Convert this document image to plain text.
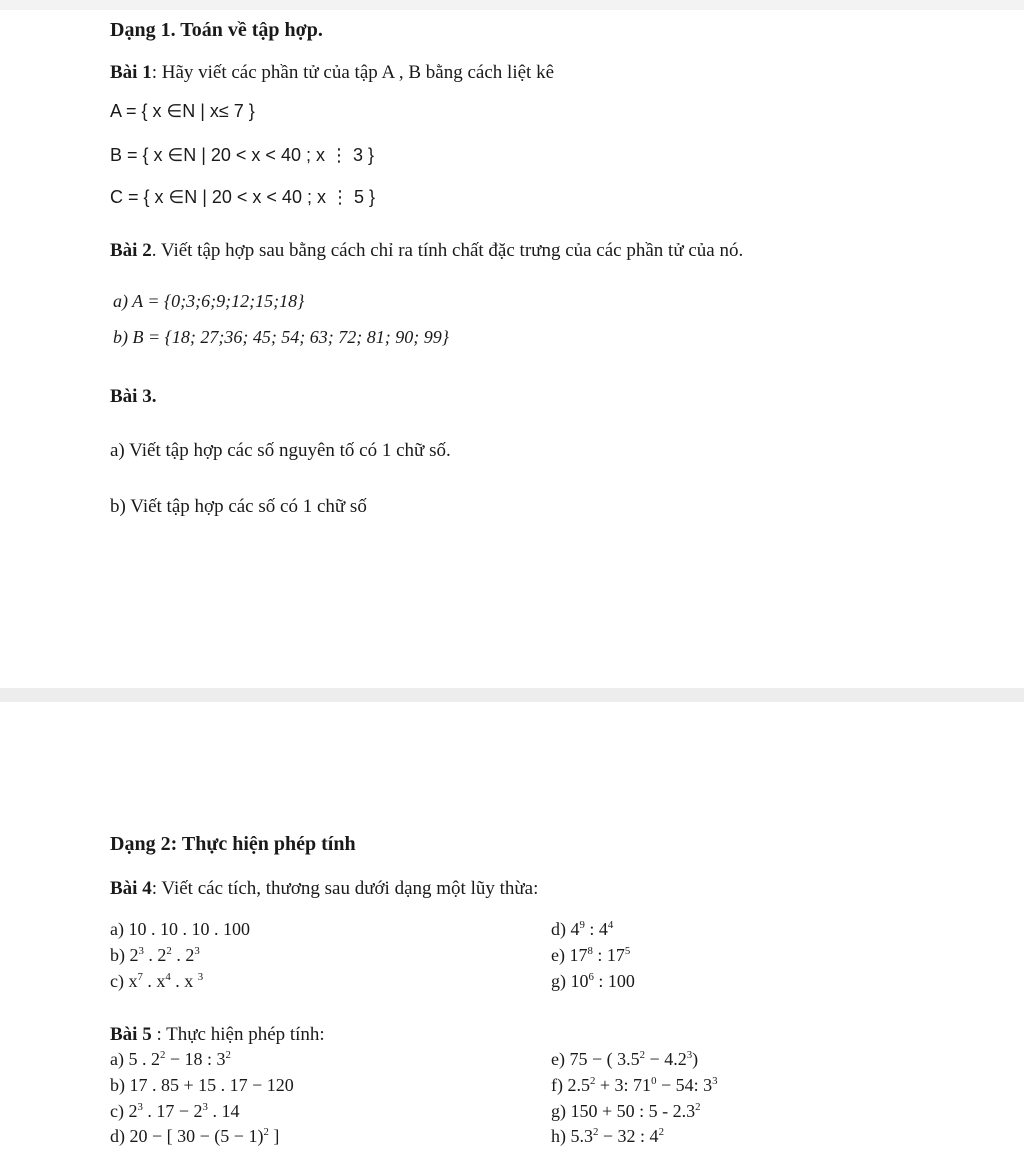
Dạng 1. Toán về tập hợp.
Bài 1: Hãy viết các phần tử của tập A , B bằng cách liệt kê
A = { x ∈N | x≤ 7 }
B = { x ∈N | 20 < x < 40 ; x ⋮ 3 }
C = { x ∈N | 20 < x < 40 ; x ⋮ 5 }
Bài 2. Viết tập hợp sau bằng cách chỉ ra tính chất đặc trưng của các phần tử của nó.
a) A = {0;3;6;9;12;15;18}
b) B = {18; 27;36; 45; 54; 63; 72; 81; 90; 99}
Bài 3.
a) Viết tập hợp các số nguyên tố có 1 chữ số.
b) Viết tập hợp các số có 1 chữ số
Dạng 2: Thực hiện phép tính
Bài 4: Viết các tích, thương sau dưới dạng một lũy thừa:
a) 10 . 10 . 10 . 100
b) $2^3$ . $2^2$ . $2^3$
c) $x^7$ . $x^4$ . x $^3$
d) $4^9$ : $4^4$
e) $17^8$ : $17^5$
g) $10^6$ : 100
Bài 5 : Thực hiện phép tính:
a) 5 . $2^2 - 18$ : $3^2$
b) 17 . 85 + 15 . 17 − 120
c) $2^3$ . $17 - 2^3$ . 14
d) 20 − [ $30 - (5 - 1)^2$ ]
e) 75 − ( $3.5^2 - 4.2^3$)
f) $2.5^2 + 3$: $71^0 - 54$: $3^3$
g) 150 + 50 : $5 - 2.3^2$
h) $5.3^2 - 32$ : $4^2$
